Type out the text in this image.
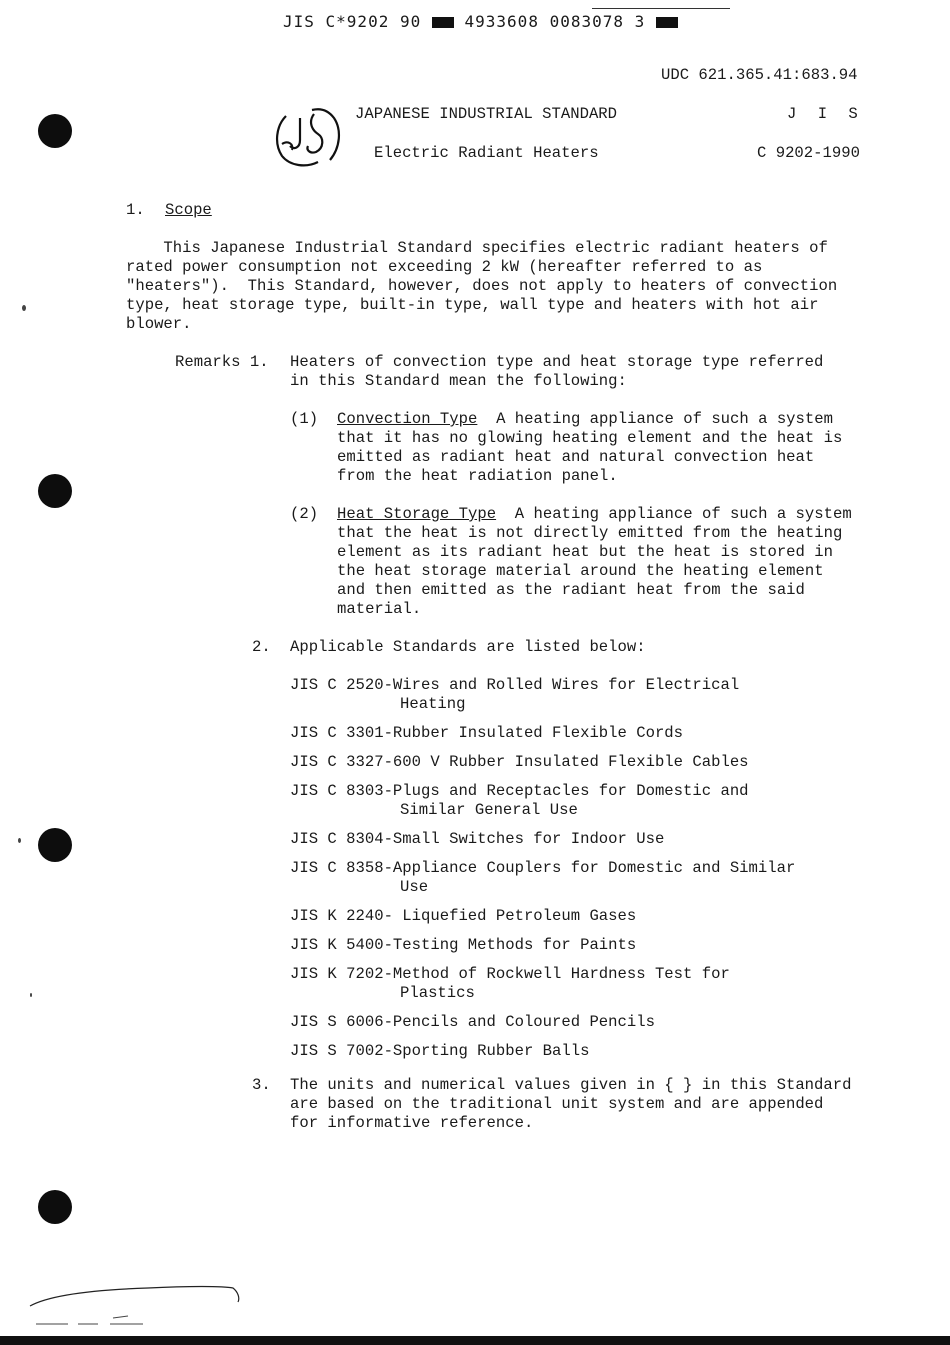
JIS C*9202 90	4933608 0083078 3
UDC 621.365.41:683.94
JAPANESE INDUSTRIAL STANDARD	J I S
Electric Radiant Heaters	C 9202-1990
1. Scope
This Japanese Industrial Standard specifies electric radiant heaters of
rated power consumption not exceeding 2 kW (hereafter referred to as
"heaters").  This Standard, however, does not apply to heaters of convection
type, heat storage type, built-in type, wall type and heaters with hot air
blower.
Remarks 1. Heaters of convection type and heat storage type referred
in this Standard mean the following:
(1) Convection Type  A heating appliance of such a system
that it has no glowing heating element and the heat is
emitted as radiant heat and natural convection heat
from the heat radiation panel.
(2) Heat Storage Type  A heating appliance of such a system
that the heat is not directly emitted from the heating
element as its radiant heat but the heat is stored in
the heat storage material around the heating element
and then emitted as the radiant heat from the said
material.
2. Applicable Standards are listed below:
JIS C 2520-Wires and Rolled Wires for Electrical
Heating
JIS C 3301-Rubber Insulated Flexible Cords
JIS C 3327-600 V Rubber Insulated Flexible Cables
JIS C 8303-Plugs and Receptacles for Domestic and
Similar General Use
JIS C 8304-Small Switches for Indoor Use
JIS C 8358-Appliance Couplers for Domestic and Similar
Use
JIS K 2240- Liquefied Petroleum Gases
JIS K 5400-Testing Methods for Paints
JIS K 7202-Method of Rockwell Hardness Test for
Plastics
JIS S 6006-Pencils and Coloured Pencils
JIS S 7002-Sporting Rubber Balls
3. The units and numerical values given in { } in this Standard
are based on the traditional unit system and are appended
for informative reference.
